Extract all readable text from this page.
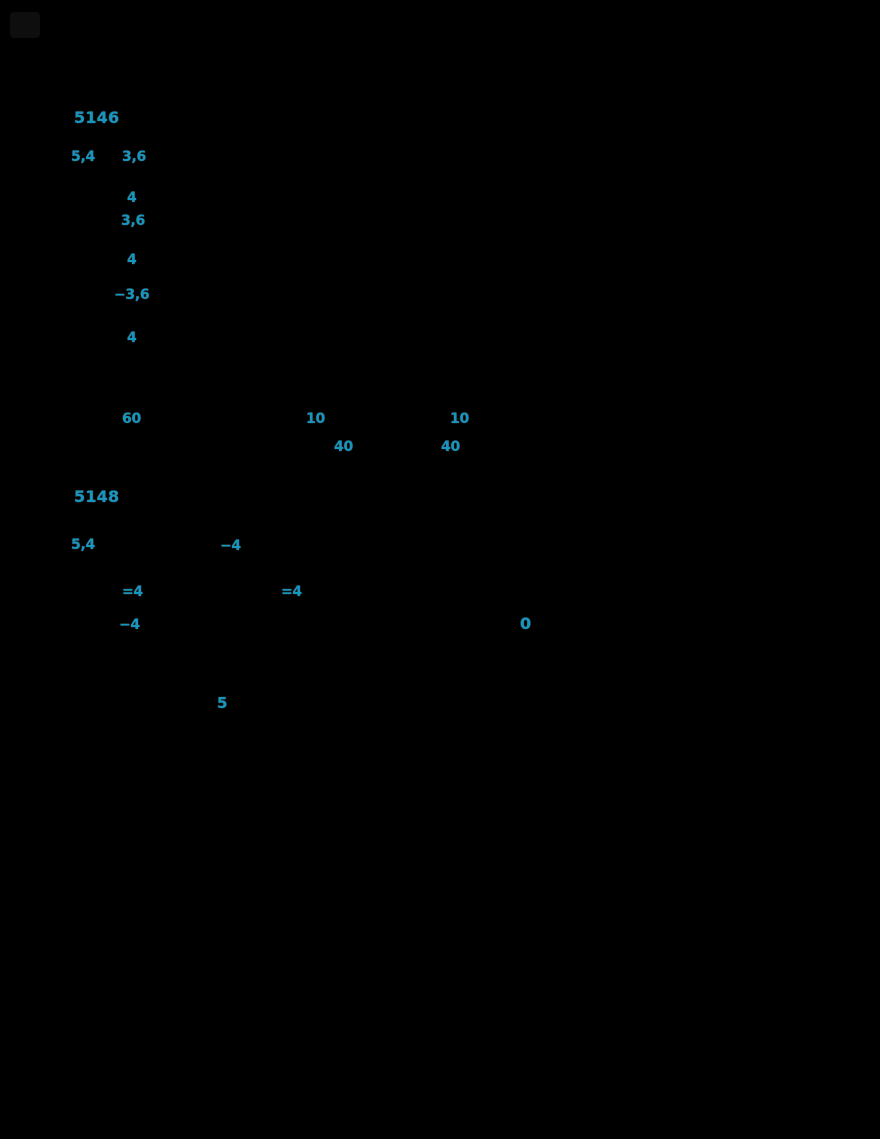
5146
5,4 3,6
4
3,6
4
−3,6
4
60	10	10
40	40
5148
5,4	−4
=4	=4
−4	0
5
